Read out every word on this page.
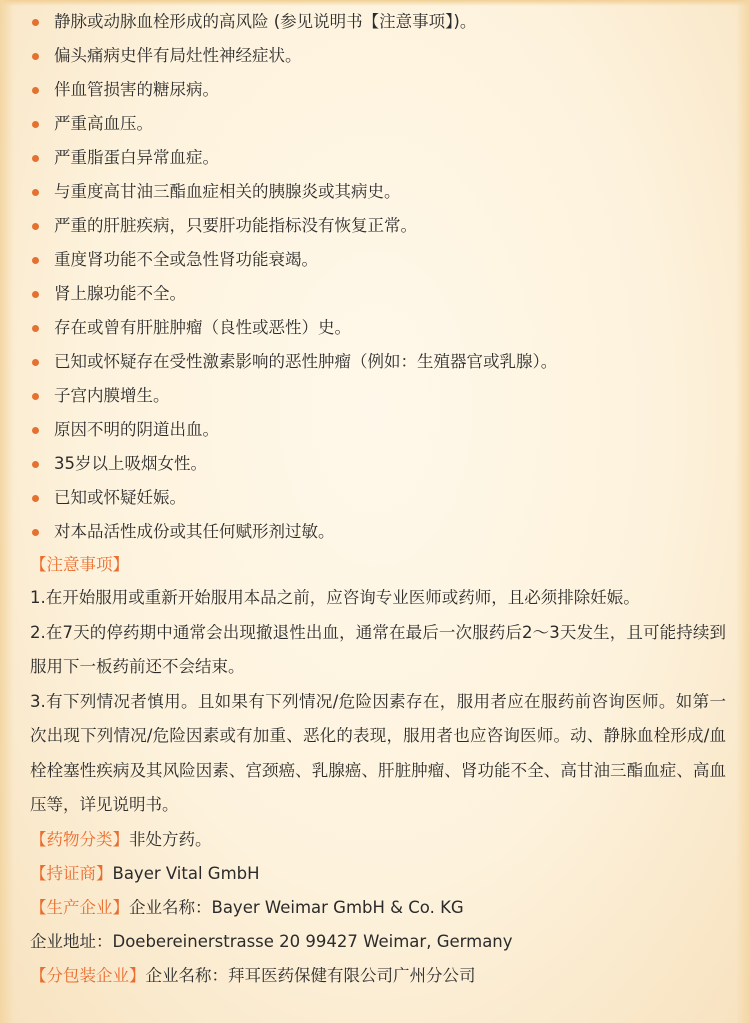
静脉或动脉血栓形成的高风险 (参见说明书【注意事项】)。
偏头痛病史伴有局灶性神经症状。
伴血管损害的糖尿病。
严重高血压。
严重脂蛋白异常血症。
与重度高甘油三酯血症相关的胰腺炎或其病史。
严重的肝脏疾病，只要肝功能指标没有恢复正常。
重度肾功能不全或急性肾功能衰竭。
肾上腺功能不全。
存在或曾有肝脏肿瘤（良性或恶性）史。
已知或怀疑存在受性激素影响的恶性肿瘤（例如：生殖器官或乳腺）。
子宫内膜增生。
原因不明的阴道出血。
35岁以上吸烟女性。
已知或怀疑妊娠。
对本品活性成份或其任何赋形剂过敏。
【注意事项】
1.在开始服用或重新开始服用本品之前，应咨询专业医师或药师，且必须排除妊娠。
2.在7天的停药期中通常会出现撤退性出血，通常在最后一次服药后2～3天发生，且可能持续到服用下一板药前还不会结束。
3.有下列情况者慎用。且如果有下列情况/危险因素存在，服用者应在服药前咨询医师。如第一次出现下列情况/危险因素或有加重、恶化的表现，服用者也应咨询医师。动、静脉血栓形成/血栓栓塞性疾病及其风险因素、宫颈癌、乳腺癌、肝脏肿瘤、肾功能不全、高甘油三酯血症、高血压等，详见说明书。
【药物分类】非处方药。
【持证商】Bayer Vital GmbH
【生产企业】企业名称：Bayer Weimar GmbH & Co. KG
企业地址：Doebereinerstrasse 20 99427 Weimar, Germany
【分包装企业】企业名称：拜耳医药保健有限公司广州分公司
